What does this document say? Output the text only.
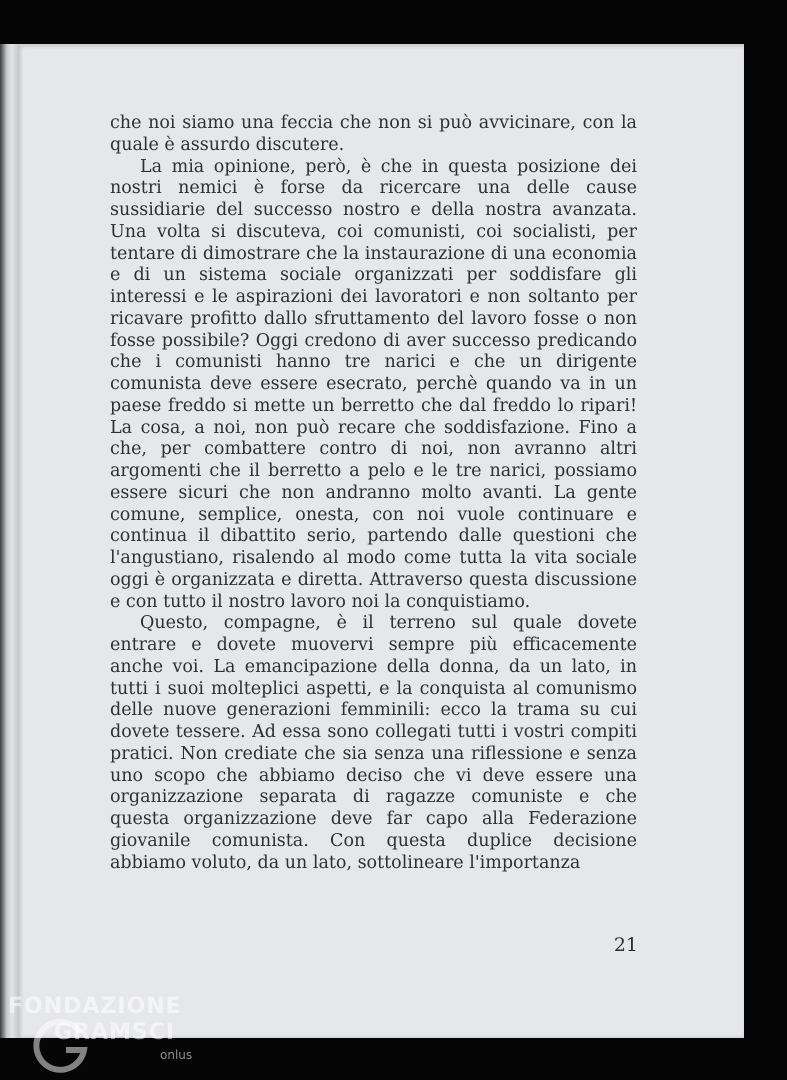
che noi siamo una feccia che non si può avvicinare, con la quale è assurdo discutere.

La mia opinione, però, è che in questa posizione dei nostri nemici è forse da ricercare una delle cause sussidiarie del successo nostro e della nostra avanzata. Una volta si discuteva, coi comunisti, coi socialisti, per tentare di dimostrare che la instaurazione di una economia e di un sistema sociale organizzati per soddisfare gli interessi e le aspirazioni dei lavoratori e non soltanto per ricavare profitto dallo sfruttamento del lavoro fosse o non fosse possibile? Oggi credono di aver successo predicando che i comunisti hanno tre narici e che un dirigente comunista deve essere esecrato, perchè quando va in un paese freddo si mette un berretto che dal freddo lo ripari! La cosa, a noi, non può recare che soddisfazione. Fino a che, per combattere contro di noi, non avranno altri argomenti che il berretto a pelo e le tre narici, possiamo essere sicuri che non andranno molto avanti. La gente comune, semplice, onesta, con noi vuole continuare e continua il dibattito serio, partendo dalle questioni che l'angustiano, risalendo al modo come tutta la vita sociale oggi è organizzata e diretta. Attraverso questa discussione e con tutto il nostro lavoro noi la conquistiamo.

Questo, compagne, è il terreno sul quale dovete entrare e dovete muovervi sempre più efficacemente anche voi. La emancipazione della donna, da un lato, in tutti i suoi molteplici aspetti, e la conquista al comunismo delle nuove generazioni femminili: ecco la trama su cui dovete tessere. Ad essa sono collegati tutti i vostri compiti pratici. Non crediate che sia senza una riflessione e senza uno scopo che abbiamo deciso che vi deve essere una organizzazione separata di ragazze comuniste e che questa organizzazione deve far capo alla Federazione giovanile comunista. Con questa duplice decisione abbiamo voluto, da un lato, sottolineare l'importanza

21
FONDAZIONE
GRAMSCI
onlus
